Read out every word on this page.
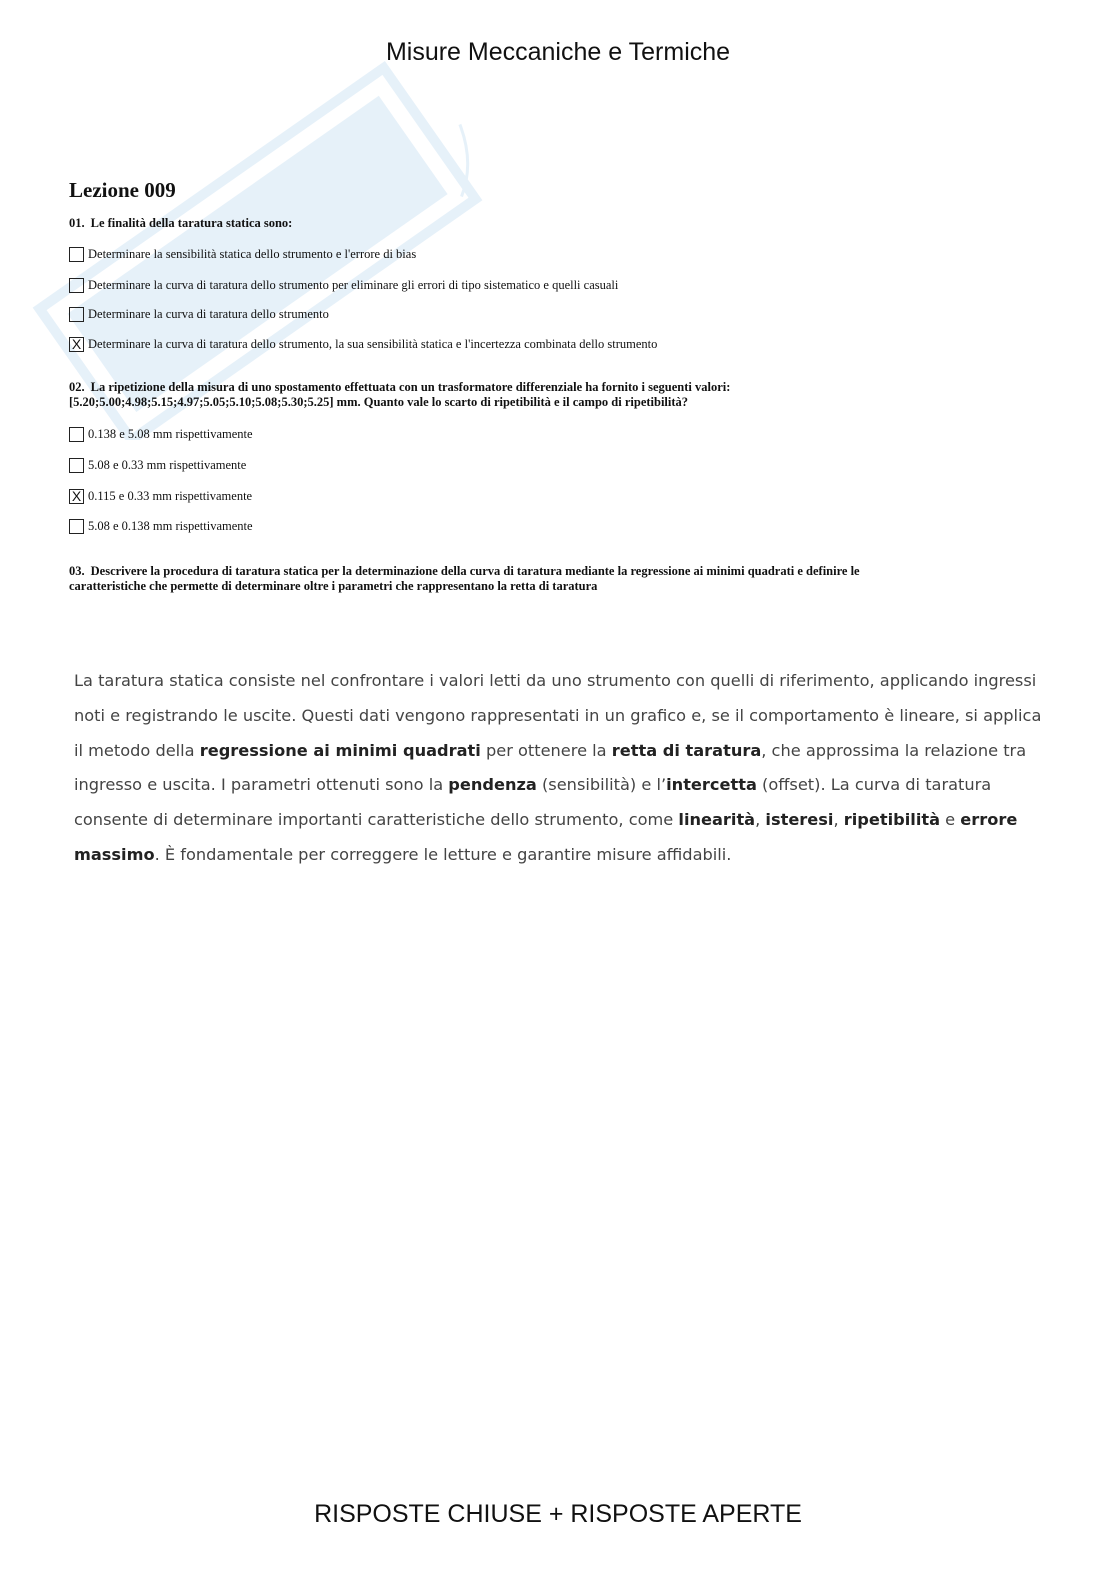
Misure Meccaniche e Termiche
Lezione 009
01. Le finalità della taratura statica sono:
Determinare la sensibilità statica dello strumento e l'errore di bias
Determinare la curva di taratura dello strumento per eliminare gli errori di tipo sistematico e quelli casuali
Determinare la curva di taratura dello strumento
X Determinare la curva di taratura dello strumento, la sua sensibilità statica e l'incertezza combinata dello strumento
02. La ripetizione della misura di uno spostamento effettuata con un trasformatore differenziale ha fornito i seguenti valori:
[5.20;5.00;4.98;5.15;4.97;5.05;5.10;5.08;5.30;5.25] mm. Quanto vale lo scarto di ripetibilità e il campo di ripetibilità?
0.138 e 5.08 mm rispettivamente
5.08 e 0.33 mm rispettivamente
X 0.115 e 0.33 mm rispettivamente
5.08 e 0.138 mm rispettivamente
03. Descrivere la procedura di taratura statica per la determinazione della curva di taratura mediante la regressione ai minimi quadrati e definire le
caratteristiche che permette di determinare oltre i parametri che rappresentano la retta di taratura
La taratura statica consiste nel confrontare i valori letti da uno strumento con quelli di riferimento, applicando ingressi noti e registrando le uscite. Questi dati vengono rappresentati in un grafico e, se il comportamento è lineare, si applica il metodo della regressione ai minimi quadrati per ottenere la retta di taratura, che approssima la relazione tra ingresso e uscita. I parametri ottenuti sono la pendenza (sensibilità) e l’intercetta (offset). La curva di taratura consente di determinare importanti caratteristiche dello strumento, come linearità, isteresi, ripetibilità e errore massimo. È fondamentale per correggere le letture e garantire misure affidabili.
RISPOSTE CHIUSE + RISPOSTE APERTE
